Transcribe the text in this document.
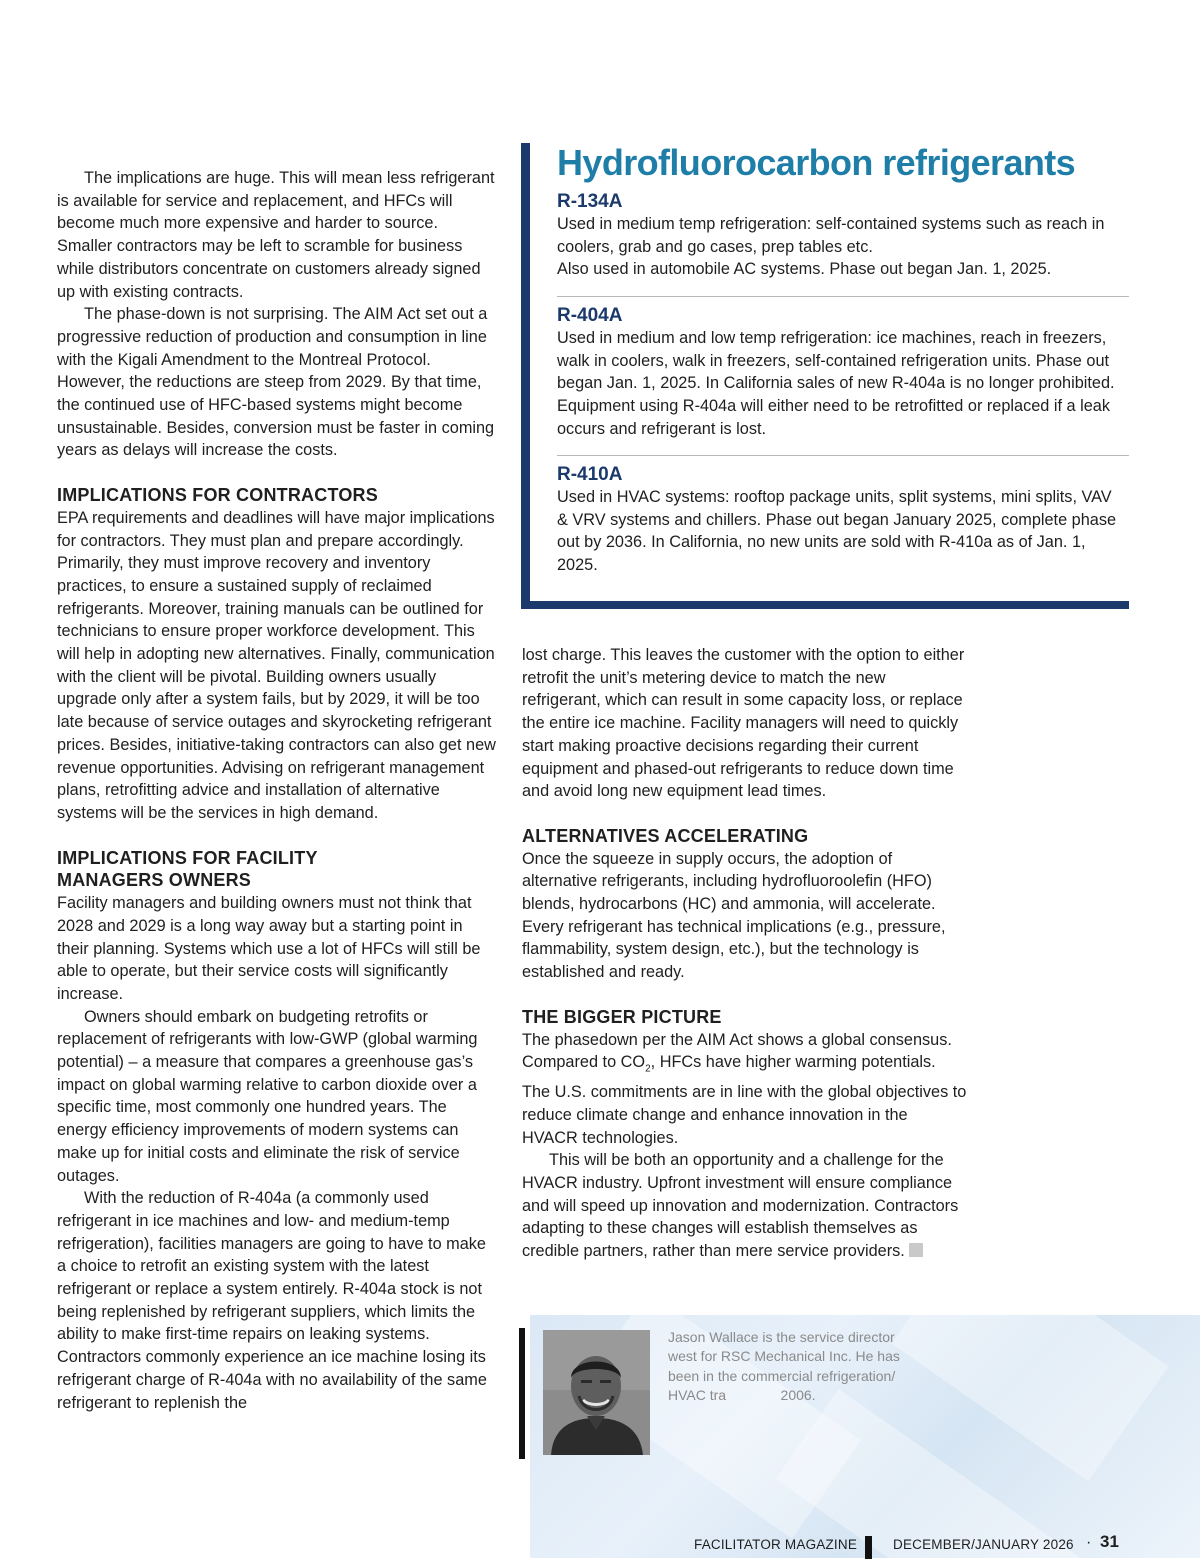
The implications are huge. This will mean less refrigerant is available for service and replacement, and HFCs will become much more expensive and harder to source. Smaller contractors may be left to scramble for business while distributors concentrate on customers already signed up with existing contracts.

The phase-down is not surprising. The AIM Act set out a progressive reduction of production and consumption in line with the Kigali Amendment to the Montreal Protocol. However, the reductions are steep from 2029. By that time, the continued use of HFC-based systems might become unsustainable. Besides, conversion must be faster in coming years as delays will increase the costs.

IMPLICATIONS FOR CONTRACTORS

EPA requirements and deadlines will have major implications for contractors. They must plan and prepare accordingly. Primarily, they must improve recovery and inventory practices, to ensure a sustained supply of reclaimed refrigerants. Moreover, training manuals can be outlined for technicians to ensure proper workforce development. This will help in adopting new alternatives. Finally, communication with the client will be pivotal. Building owners usually upgrade only after a system fails, but by 2029, it will be too late because of service outages and skyrocketing refrigerant prices. Besides, initiative-taking contractors can also get new revenue opportunities. Advising on refrigerant management plans, retrofitting advice and installation of alternative systems will be the services in high demand.

IMPLICATIONS FOR FACILITY
MANAGERS OWNERS

Facility managers and building owners must not think that 2028 and 2029 is a long way away but a starting point in their planning. Systems which use a lot of HFCs will still be able to operate, but their service costs will significantly increase.

Owners should embark on budgeting retrofits or replacement of refrigerants with low-GWP (global warming potential) – a measure that compares a greenhouse gas’s impact on global warming relative to carbon dioxide over a specific time, most commonly one hundred years. The energy efficiency improvements of modern systems can make up for initial costs and eliminate the risk of service outages.

With the reduction of R-404a (a commonly used refrigerant in ice machines and low- and medium-temp refrigeration), facilities managers are going to have to make a choice to retrofit an existing system with the latest refrigerant or replace a system entirely. R-404a stock is not being replenished by refrigerant suppliers, which limits the ability to make first-time repairs on leaking systems. Contractors commonly experience an ice machine losing its refrigerant charge of R-404a with no availability of the same refrigerant to replenish the

Hydrofluorocarbon refrigerants
R-134A

Used in medium temp refrigeration: self-contained systems such as reach in coolers, grab and go cases, prep tables etc.

Also used in automobile AC systems. Phase out began Jan. 1, 2025.

R-404A

Used in medium and low temp refrigeration: ice machines, reach in freezers, walk in coolers, walk in freezers, self-contained refrigeration units. Phase out began Jan. 1, 2025. In California sales of new R-404a is no longer prohibited. Equipment using R-404a will either need to be retrofitted or replaced if a leak occurs and refrigerant is lost.

R-410A

Used in HVAC systems: rooftop package units, split systems, mini splits, VAV & VRV systems and chillers. Phase out began January 2025, complete phase out by 2036. In California, no new units are sold with R-410a as of Jan. 1, 2025.

lost charge. This leaves the customer with the option to either retrofit the unit’s metering device to match the new refrigerant, which can result in some capacity loss, or replace the entire ice machine. Facility managers will need to quickly start making proactive decisions regarding their current equipment and phased-out refrigerants to reduce down time and avoid long new equipment lead times.

ALTERNATIVES ACCELERATING

Once the squeeze in supply occurs, the adoption of alternative refrigerants, including hydrofluoroolefin (HFO) blends, hydrocarbons (HC) and ammonia, will accelerate. Every refrigerant has technical implications (e.g., pressure, flammability, system design, etc.), but the technology is established and ready.

THE BIGGER PICTURE

The phasedown per the AIM Act shows a global consensus. Compared to $CO_2$, HFCs have higher warming potentials. The U.S. commitments are in line with the global objectives to reduce climate change and enhance innovation in the HVACR technologies.

This will be both an opportunity and a challenge for the HVACR industry. Upfront investment will ensure compliance and will speed up innovation and modernization. Contractors adapting to these changes will establish themselves as credible partners, rather than mere service providers.

Jason Wallace is the service director

west for RSC Mechanical Inc. He has

been in the commercial refrigeration/

HVAC tra              2006.

FACILITATOR MAGAZINE	DECEMBER/JANUARY 2026 · 31
